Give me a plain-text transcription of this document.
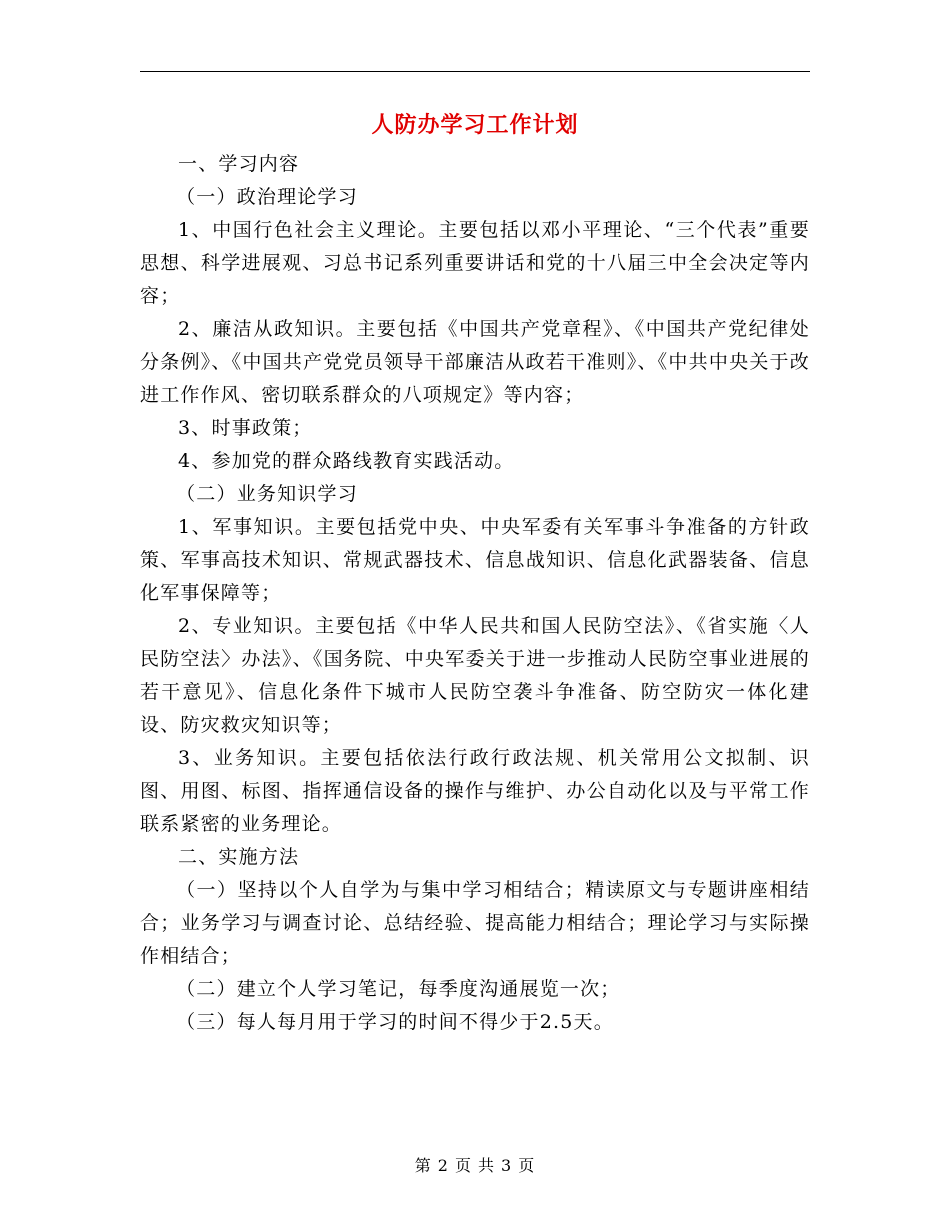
人防办学习工作计划

一、学习内容

（一）政治理论学习

1、中国行色社会主义理论。主要包括以邓小平理论、“三个代表”重要思想、科学进展观、习总书记系列重要讲话和党的十八届三中全会决定等内容；

2、廉洁从政知识。主要包括《中国共产党章程》、《中国共产党纪律处分条例》、《中国共产党党员领导干部廉洁从政若干准则》、《中共中央关于改进工作作风、密切联系群众的八项规定》等内容；

3、时事政策；

4、参加党的群众路线教育实践活动。

（二）业务知识学习

1、军事知识。主要包括党中央、中央军委有关军事斗争准备的方针政策、军事高技术知识、常规武器技术、信息战知识、信息化武器装备、信息化军事保障等；

2、专业知识。主要包括《中华人民共和国人民防空法》、《省实施〈人民防空法〉办法》、《国务院、中央军委关于进一步推动人民防空事业进展的若干意见》、信息化条件下城市人民防空袭斗争准备、防空防灾一体化建设、防灾救灾知识等；

3、业务知识。主要包括依法行政行政法规、机关常用公文拟制、识图、用图、标图、指挥通信设备的操作与维护、办公自动化以及与平常工作联系紧密的业务理论。

二、实施方法

（一）坚持以个人自学为与集中学习相结合；精读原文与专题讲座相结合；业务学习与调查讨论、总结经验、提高能力相结合；理论学习与实际操作相结合；

（二）建立个人学习笔记，每季度沟通展览一次；

（三）每人每月用于学习的时间不得少于2.5天。

第 2 页 共 3 页
